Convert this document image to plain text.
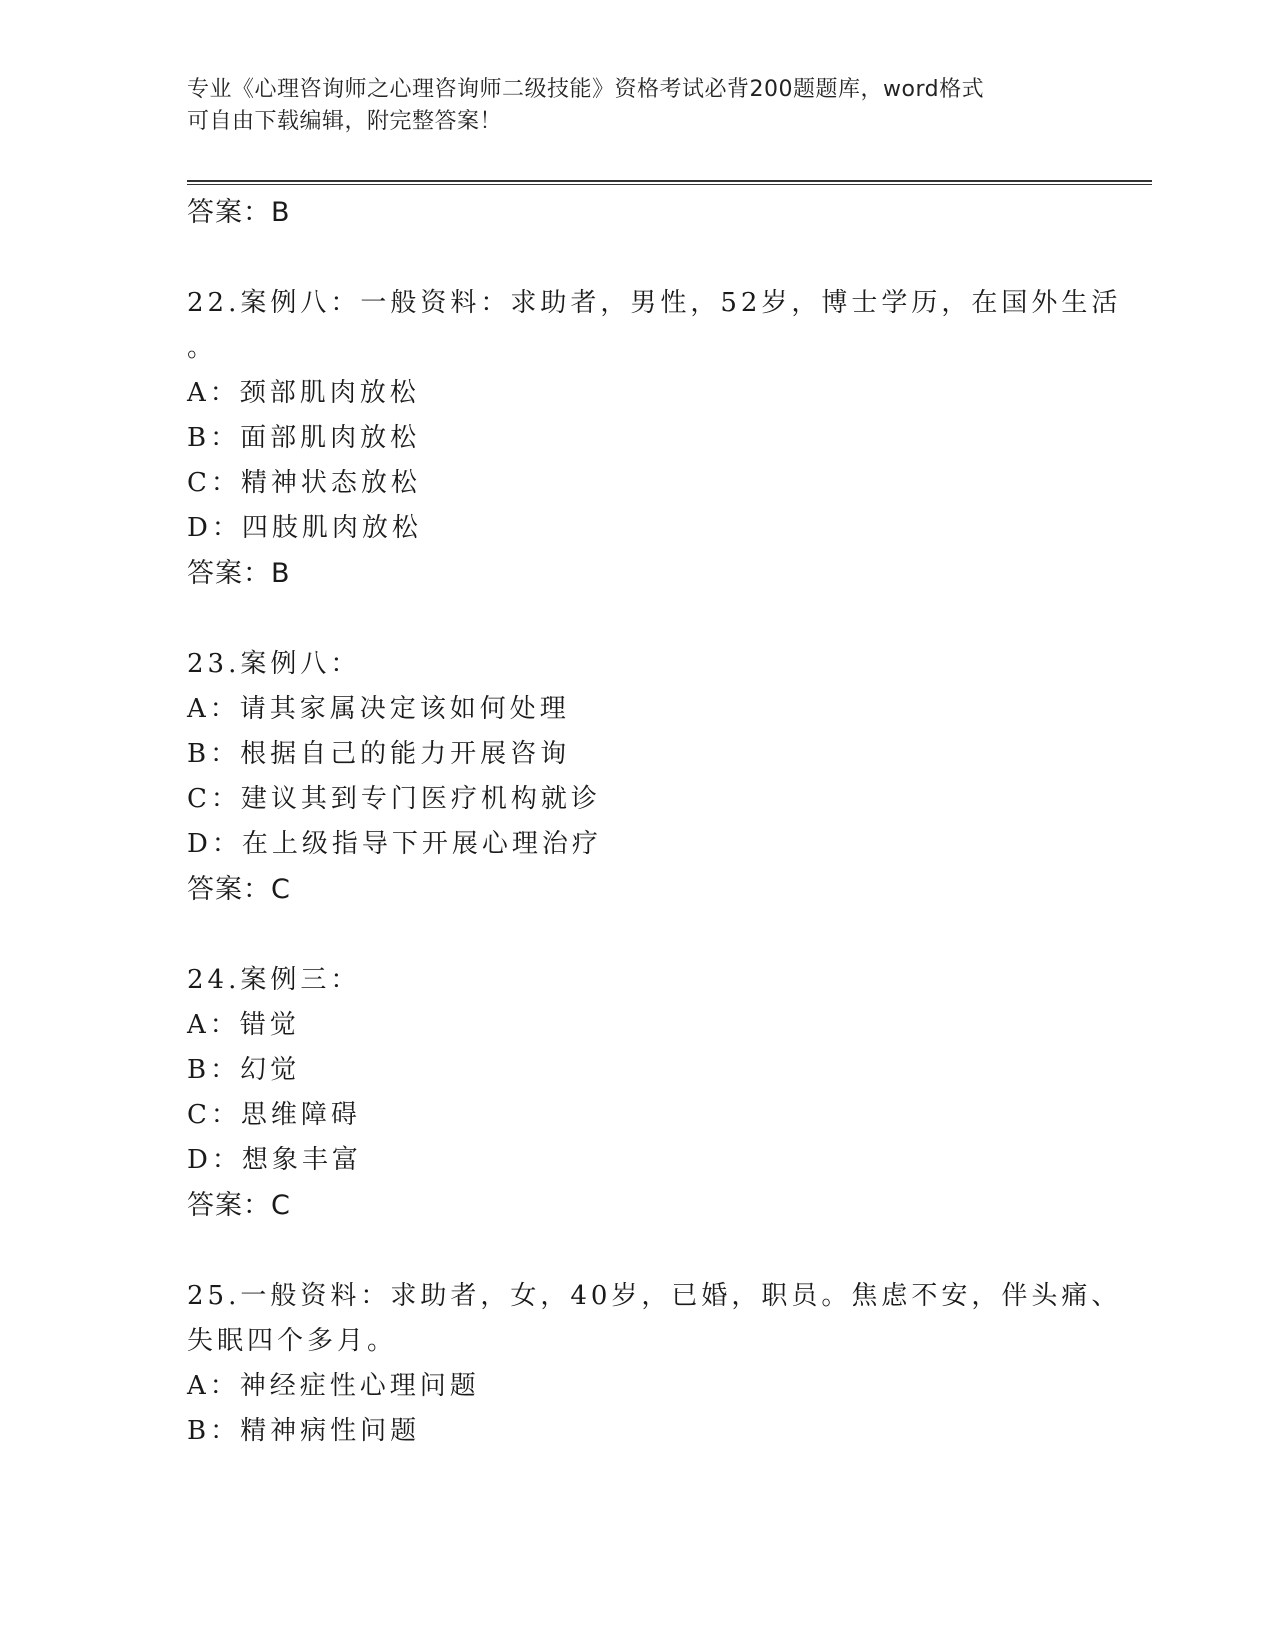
专业《心理咨询师之心理咨询师二级技能》资格考试必背200题题库，word格式
可自由下载编辑，附完整答案！
答案：B
22.案例八：一般资料：求助者，男性，52岁，博士学历，在国外生活
。
A：颈部肌肉放松
B：面部肌肉放松
C：精神状态放松
D：四肢肌肉放松
答案：B
23.案例八：
A：请其家属决定该如何处理
B：根据自己的能力开展咨询
C：建议其到专门医疗机构就诊
D：在上级指导下开展心理治疗
答案：C
24.案例三：
A：错觉
B：幻觉
C：思维障碍
D：想象丰富
答案：C
25.一般资料：求助者，女，40岁，已婚，职员。焦虑不安，伴头痛、
失眠四个多月。
A：神经症性心理问题
B：精神病性问题
